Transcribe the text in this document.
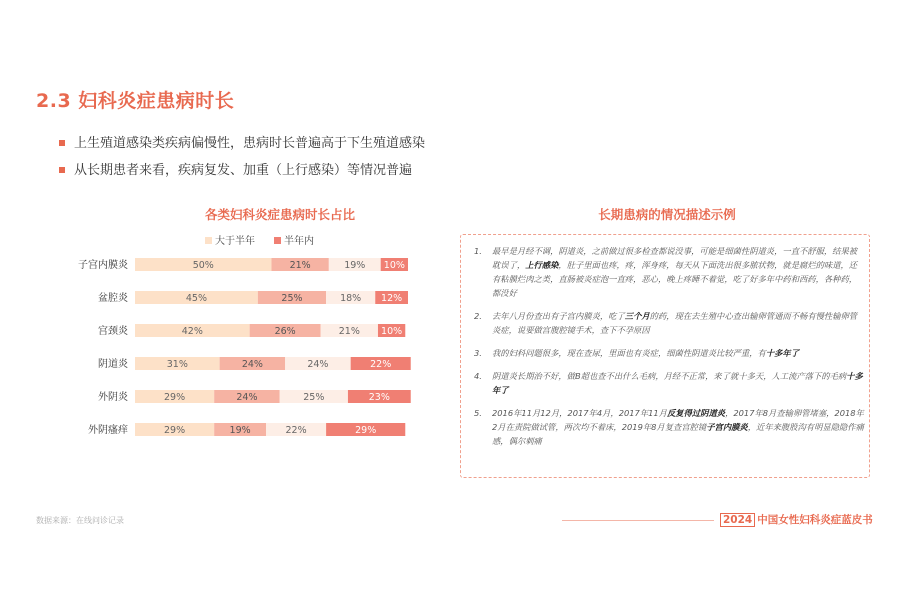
2.3 妇科炎症患病时长
上生殖道感染类疾病偏慢性，患病时长普遍高于下生殖道感染
从长期患者来看，疾病复发、加重（上行感染）等情况普遍
各类妇科炎症患病时长占比
大于半年	半年内
子宫内膜炎	50%	21%	19% 10%
盆腔炎	45%	25%	18% 12%
宫颈炎	42%	26%	21% 10%
阴道炎	31%	24%	24%	22%
外阴炎	29%	24%	25%	23%
外阴瘙痒	29%	19%	22%	29%
长期患病的情况描述示例
1. 最早是月经不调，阴道炎，之前做过很多检查都说没事，可能是细菌性阴道炎，一直不舒服，结果被耽误了，上行感染，肚子里面也疼，疼，浑身疼，每天从下面洗出很多脓状物，就是腐烂的味道，还有粘膜烂肉之类，直肠被炎症泡一直疼，恶心，晚上疼睡不着觉，吃了好多年中药和西药，各种药，都没好
2. 去年八月份查出有子宫内膜炎，吃了三个月的药，现在去生殖中心查出输卵管通而不畅有慢性输卵管炎症，说要做宫腹腔镜手术，查下不孕原因
3. 我的妇科问题很多，现在查尿，里面也有炎症，细菌性阴道炎比较严重，有十多年了
4. 阴道炎长期治不好，做B超也查不出什么毛病，月经不正常，来了就十多天，人工流产落下的毛病十多年了
5. 2016年11月12月，2017年4月，2017年11月反复得过阴道炎，2017年8月查输卵管堵塞，2018年2月在责院做试管，两次均不着床，2019年8月复查宫腔镜子宫内膜炎，近年来腹股沟有明显隐隐作痛感，偶尔刺痛
数据来源：在线问诊记录	2024 中国女性妇科炎症蓝皮书
